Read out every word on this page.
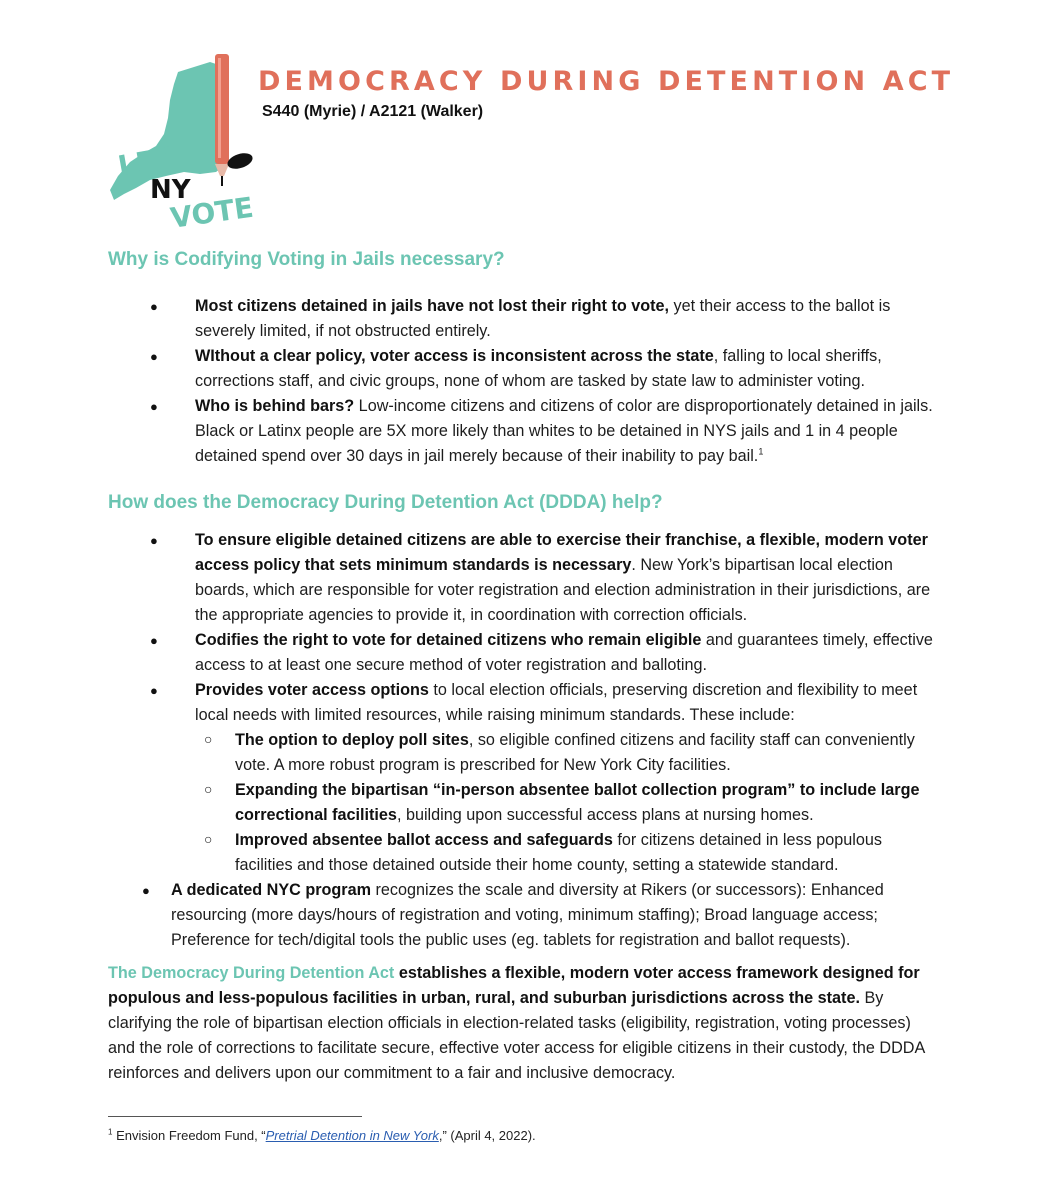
LET
NY
VOTE
DEMOCRACY DURING DETENTION ACT

S440 (Myrie) / A2121 (Walker)

Why is Codifying Voting in Jails necessary?
● Most citizens detained in jails have not lost their right to vote, yet their access to the ballot is severely limited, if not obstructed entirely.
● WIthout a clear policy, voter access is inconsistent across the state, falling to local sheriffs, corrections staff, and civic groups, none of whom are tasked by state law to administer voting.
● Who is behind bars? Low-income citizens and citizens of color are disproportionately detained in jails. Black or Latinx people are 5X more likely than whites to be detained in NYS jails and 1 in 4 people detained spend over 30 days in jail merely because of their inability to pay bail.$^1$
How does the Democracy During Detention Act (DDDA) help?
● To ensure eligible detained citizens are able to exercise their franchise, a flexible, modern voter access policy that sets minimum standards is necessary. New York’s bipartisan local election boards, which are responsible for voter registration and election administration in their jurisdictions, are the appropriate agencies to provide it, in coordination with correction officials.
● Codifies the right to vote for detained citizens who remain eligible and guarantees timely, effective access to at least one secure method of voter registration and balloting.
● Provides voter access options to local election officials, preserving discretion and flexibility to meet local needs with limited resources, while raising minimum standards. These include:
○ The option to deploy poll sites, so eligible confined citizens and facility staff can conveniently vote. A more robust program is prescribed for New York City facilities.
○ Expanding the bipartisan “in-person absentee ballot collection program” to include large correctional facilities, building upon successful access plans at nursing homes.
○ Improved absentee ballot access and safeguards for citizens detained in less populous facilities and those detained outside their home county, setting a statewide standard.
● A dedicated NYC program recognizes the scale and diversity at Rikers (or successors): Enhanced resourcing (more days/hours of registration and voting, minimum staffing); Broad language access; Preference for tech/digital tools the public uses (eg. tablets for registration and ballot requests).

The Democracy During Detention Act establishes a flexible, modern voter access framework designed for populous and less-populous facilities in urban, rural, and suburban jurisdictions across the state. By clarifying the role of bipartisan election officials in election-related tasks (eligibility, registration, voting processes) and the role of corrections to facilitate secure, effective voter access for eligible citizens in their custody, the DDDA reinforces and delivers upon our commitment to a fair and inclusive democracy.

$^1$ Envision Freedom Fund, “Pretrial Detention in New York,” (April 4, 2022).
